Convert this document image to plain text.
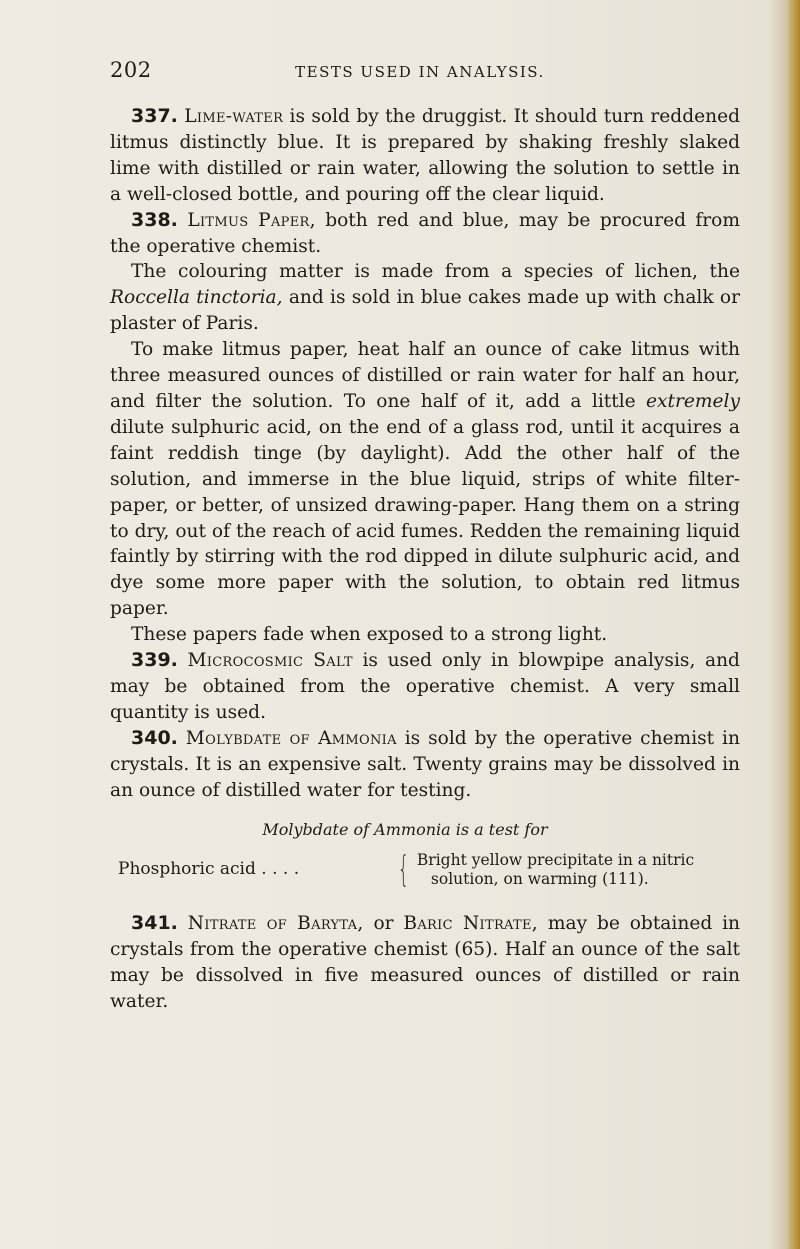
202	TESTS USED IN ANALYSIS.

337. Lime-water is sold by the druggist. It should turn reddened litmus distinctly blue. It is prepared by shaking freshly slaked lime with distilled or rain water, allowing the solution to settle in a well-closed bottle, and pouring off the clear liquid.

338. Litmus Paper, both red and blue, may be procured from the operative chemist.

The colouring matter is made from a species of lichen, the Roccella tinctoria, and is sold in blue cakes made up with chalk or plaster of Paris.

To make litmus paper, heat half an ounce of cake litmus with three measured ounces of distilled or rain water for half an hour, and filter the solution. To one half of it, add a little extremely dilute sulphuric acid, on the end of a glass rod, until it acquires a faint reddish tinge (by daylight). Add the other half of the solution, and immerse in the blue liquid, strips of white filter-paper, or better, of unsized drawing-paper. Hang them on a string to dry, out of the reach of acid fumes. Redden the remaining liquid faintly by stirring with the rod dipped in dilute sulphuric acid, and dye some more paper with the solution, to obtain red litmus paper.

These papers fade when exposed to a strong light.

339. Microcosmic Salt is used only in blowpipe analysis, and may be obtained from the operative chemist. A very small quantity is used.

340. Molybdate of Ammonia is sold by the operative chemist in crystals. It is an expensive salt. Twenty grains may be dissolved in an ounce of distilled water for testing.

Molybdate of Ammonia is a test for
Phosphoric acid . . . .	{ Bright yellow precipitate in a nitric
solution, on warming (111).

341. Nitrate of Baryta, or Baric Nitrate, may be obtained in crystals from the operative chemist (65). Half an ounce of the salt may be dissolved in five measured ounces of distilled or rain water.
